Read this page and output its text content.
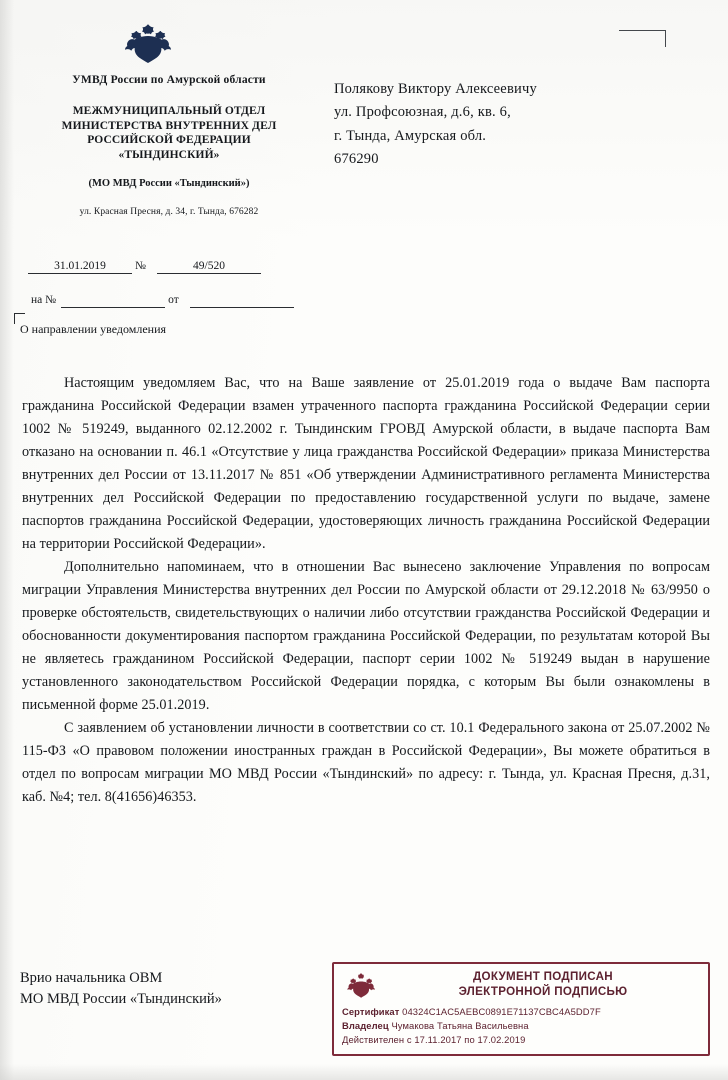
УМВД России по Амурской области
МЕЖМУНИЦИПАЛЬНЫЙ ОТДЕЛ
МИНИСТЕРСТВА ВНУТРЕННИХ ДЕЛ
РОССИЙСКОЙ ФЕДЕРАЦИИ
«ТЫНДИНСКИЙ»
(МО МВД России «Тындинский»)
ул. Красная Пресня, д. 34, г. Тында, 676282
31.01.2019	№	49/520
на №	от
О направлении уведомления
Полякову Виктору Алексеевичу
ул. Профсоюзная, д.6, кв. 6,
г. Тында, Амурская обл.
676290

Настоящим уведомляем Вас, что на Ваше заявление от 25.01.2019 года о выдаче Вам паспорта гражданина Российской Федерации взамен утраченного паспорта гражданина Российской Федерации серии 1002 № 519249, выданного 02.12.2002 г. Тындинским ГРОВД Амурской области, в выдаче паспорта Вам отказано на основании п. 46.1 «Отсутствие у лица гражданства Российской Федерации» приказа Министерства внутренних дел России от 13.11.2017 № 851 «Об утверждении Административного регламента Министерства внутренних дел Российской Федерации по предоставлению государственной услуги по выдаче, замене паспортов гражданина Российской Федерации, удостоверяющих личность гражданина Российской Федерации на территории Российской Федерации».

Дополнительно напоминаем, что в отношении Вас вынесено заключение Управления по вопросам миграции Управления Министерства внутренних дел России по Амурской области от 29.12.2018 № 63/9950 о проверке обстоятельств, свидетельствующих о наличии либо отсутствии гражданства Российской Федерации и обоснованности документирования паспортом гражданина Российской Федерации, по результатам которой Вы не являетесь гражданином Российской Федерации, паспорт серии 1002 № 519249 выдан в нарушение установленного законодательством Российской Федерации порядка, с которым Вы были ознакомлены в письменной форме 25.01.2019.

С заявлением об установлении личности в соответствии со ст. 10.1 Федерального закона от 25.07.2002 № 115-ФЗ «О правовом положении иностранных граждан в Российской Федерации», Вы можете обратиться в отдел по вопросам миграции МО МВД России «Тындинский» по адресу: г. Тында, ул. Красная Пресня, д.31, каб. №4; тел. 8(41656)46353.

Врио начальника ОВМ
МО МВД России «Тындинский»
ДОКУМЕНТ ПОДПИСАН
ЭЛЕКТРОННОЙ ПОДПИСЬЮ
Сертификат 04324C1AC5AEBC0891E71137CBC4A5DD7F
Владелец Чумакова Татьяна Васильевна
Действителен с 17.11.2017 по 17.02.2019
